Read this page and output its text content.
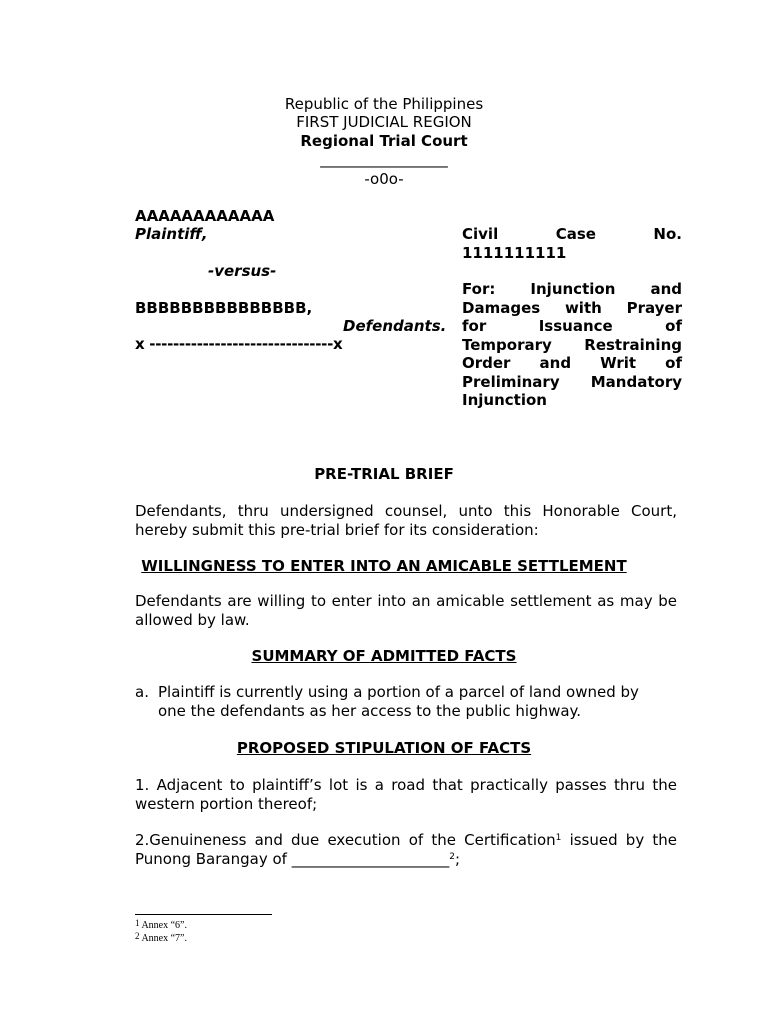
Republic of the Philippines
FIRST JUDICIAL REGION
Regional Trial Court
_________________
-o0o-
AAAAAAAAAAAA
Plaintiff,
-versus-
BBBBBBBBBBBBBBB,
Defendants.
x -------------------------------x
Civil	Case	No.
1111111111
For: Injunction and
Damages with Prayer
for	Issuance	of
Temporary Restraining
Order and Writ of
Preliminary Mandatory
Injunction
PRE-TRIAL BRIEF
Defendants, thru undersigned counsel, unto this Honorable Court, hereby submit this pre-trial brief for its consideration:
WILLINGNESS TO ENTER INTO AN AMICABLE SETTLEMENT
Defendants are willing to enter into an amicable settlement as may be allowed by law.
SUMMARY OF ADMITTED FACTS
a. Plaintiff is currently using a portion of a parcel of land owned by
one the defendants as her access to the public highway.
PROPOSED STIPULATION OF FACTS
1. Adjacent to plaintiff’s lot is a road that practically passes thru the western portion thereof;
2.Genuineness and due execution of the Certification$^1$ issued by the Punong Barangay of _____________________$^2$;
$^1$ Annex “6”.
$^2$ Annex “7”.
